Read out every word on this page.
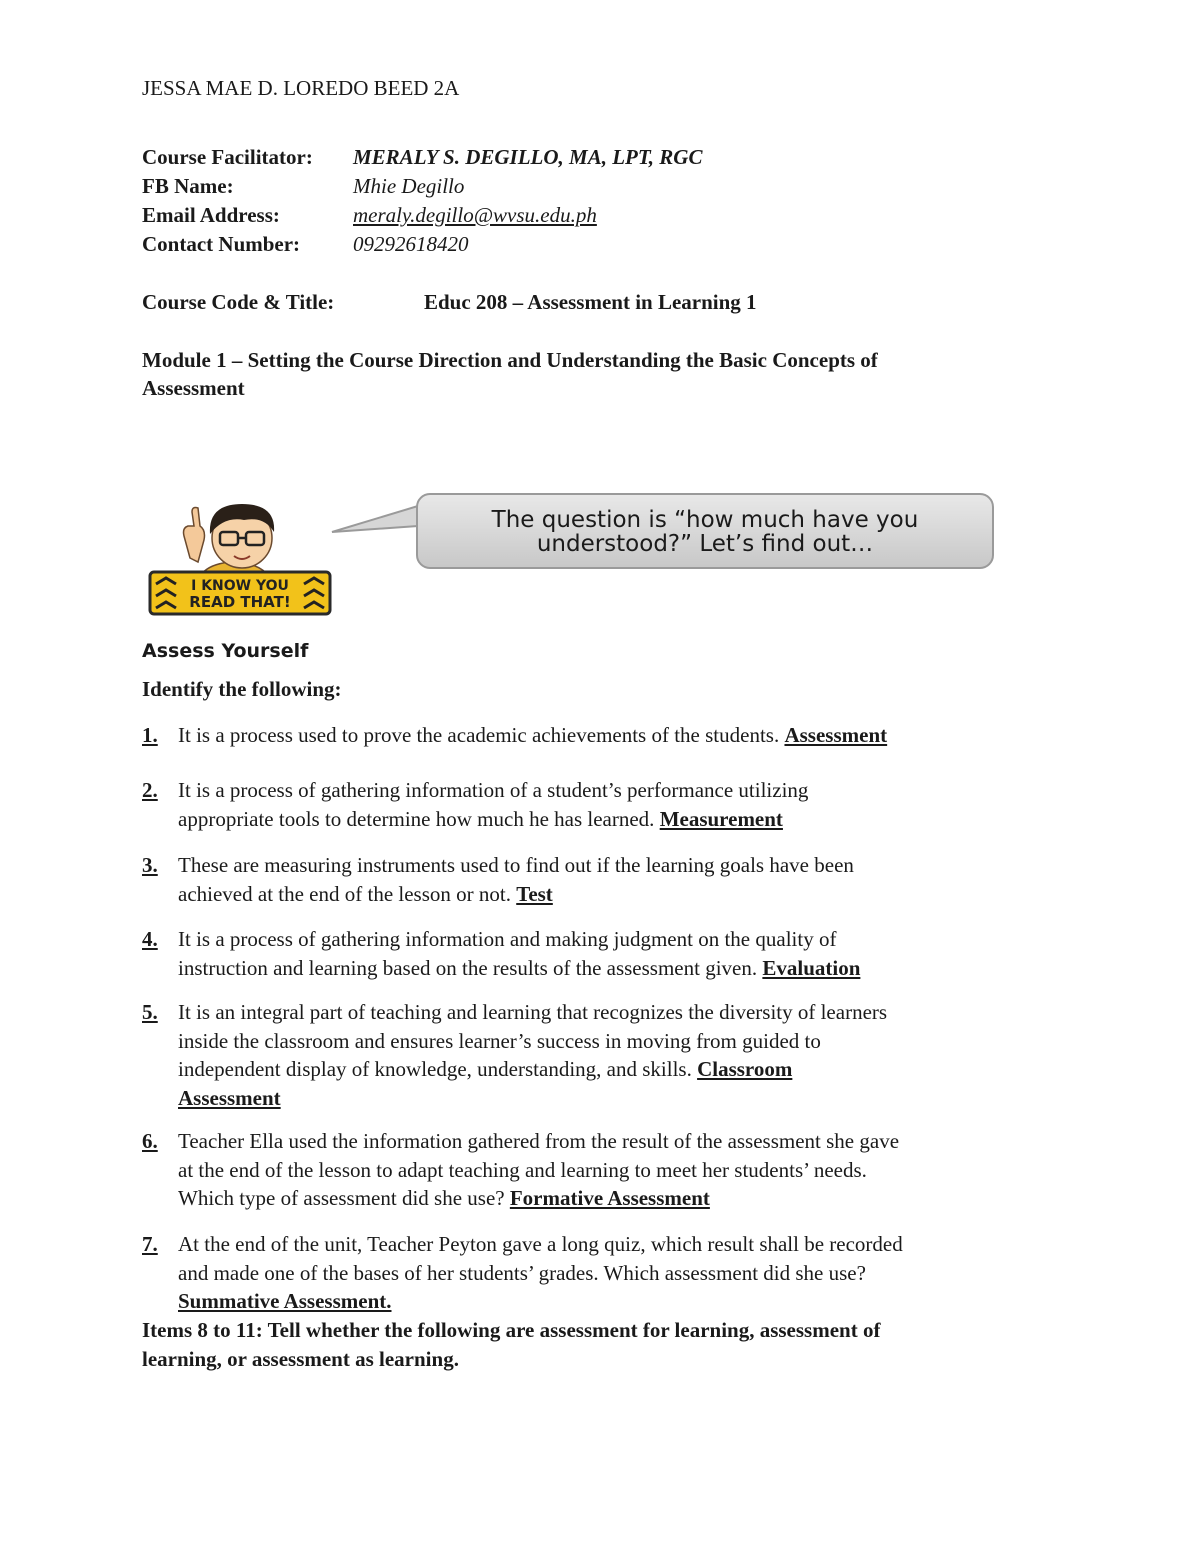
JESSA MAE D. LOREDO BEED 2A
Course Facilitator: MERALY S. DEGILLO, MA, LPT, RGC
FB Name:	Mhie Degillo
Email Address:	meraly.degillo@wvsu.edu.ph
Contact Number:	09292618420
Course Code & Title:	Educ 208 – Assessment in Learning 1
Module 1 – Setting the Course Direction and Understanding the Basic Concepts of
Assessment
I KNOW YOU
READ THAT!
The question is “how much have you
understood?” Let’s find out…
Assess Yourself
Identify the following:
1. It is a process used to prove the academic achievements of the students. Assessment
2. It is a process of gathering information of a student’s performance utilizing
appropriate tools to determine how much he has learned. Measurement
3. These are measuring instruments used to find out if the learning goals have been
achieved at the end of the lesson or not. Test
4. It is a process of gathering information and making judgment on the quality of
instruction and learning based on the results of the assessment given. Evaluation
5. It is an integral part of teaching and learning that recognizes the diversity of learners
inside the classroom and ensures learner’s success in moving from guided to
independent display of knowledge, understanding, and skills. Classroom
Assessment
6. Teacher Ella used the information gathered from the result of the assessment she gave
at the end of the lesson to adapt teaching and learning to meet her students’ needs.
Which type of assessment did she use? Formative Assessment
7. At the end of the unit, Teacher Peyton gave a long quiz, which result shall be recorded
and made one of the bases of her students’ grades. Which assessment did she use?
Summative Assessment.
Items 8 to 11: Tell whether the following are assessment for learning, assessment of
learning, or assessment as learning.
